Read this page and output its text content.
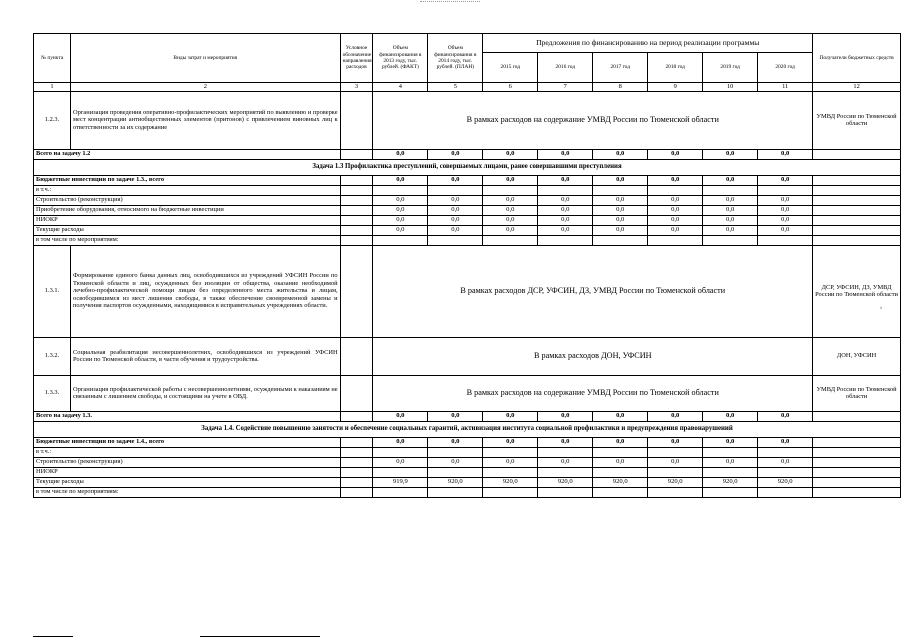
№ пункта	Виды затрат и мероприятия	Условное обозначение направления расходов	Объем финансирования в 2013 году, тыс. рублей. (ФАКТ)	Объем финансирования в 2014 году, тыс. рублей. (ПЛАН)	Предложения по финансированию на период реализации программы						Получатели бюджетных средств
					2015 год	2016 год	2017 год	2018 год	2019 год	2020 год	
1	2	3	4	5	6	7	8	9	10	11	12
1.2.3.	Организация проведения оперативно-профилактических мероприятий по выявлению и проверке мест концентрации антиобщественных элементов (притонов) с привлечением виновных лиц к ответственности за их содержание		В рамках расходов на содержание УМВД России по Тюменской области								УМВД России по Тюменской области
Всего на задачу 1.2			0,0	0,0	0,0	0,0	0,0	0,0	0,0	0,0	
Задача 1.3 Профилактика преступлений, совершаемых лицами, ранее совершавшими преступления											
Бюджетные инвестиции по задаче 1.3., всего			0,0	0,0	0,0	0,0	0,0	0,0	0,0	0,0	
в т.ч.:											
Строительство (реконструкция)			0,0	0,0	0,0	0,0	0,0	0,0	0,0	0,0	
Приобретение оборудования, относимого на бюджетные инвестиции			0,0	0,0	0,0	0,0	0,0	0,0	0,0	0,0	
НИОКР			0,0	0,0	0,0	0,0	0,0	0,0	0,0	0,0	
Текущие расходы			0,0	0,0	0,0	0,0	0,0	0,0	0,0	0,0	
в том числе по мероприятиям:											
1.3.1.	Формирование единого банка данных лиц, освободившихся из учреждений УФСИН России по Тюменской области и лиц, осужденных без изоляции от общества, оказание необходимой лечебно-профилактической помощи лицам без определенного места жительства и лицам, освободившимся из мест лишения свободы, в также обеспечение своевременной замены и получения паспортов осужденными, находящимися в исправительных учреждениях области.		В рамках расходов ДСР, УФСИН, ДЗ, УМВД России по Тюменской области								ДСР, УФСИН, ДЗ, УМВД России по Тюменской области
1.3.2.	Социальная реабилитация несовершеннолетних, освободившихся из учреждений УФСИН России по Тюменской области, в части обучения и трудоустройства.		В рамках расходов ДОН, УФСИН								ДОН, УФСИН
1.3.3.	Организация профилактической работы с несовершеннолетними, осужденными к наказаниям не связанным с лишением свободы, и состоящими на учете в ОВД.		В рамках расходов на содержание УМВД России по Тюменской области								УМВД России по Тюменской области
Всего на задачу 1.3.			0,0	0,0	0,0	0,0	0,0	0,0	0,0	0,0	
Задача 1.4. Содействие повышению занятости и обеспечение социальных гарантий, активизация института социальной профилактики и предупреждения правонарушений											
Бюджетные инвестиции по задаче 1.4., всего			0,0	0,0	0,0	0,0	0,0	0,0	0,0	0,0	
в т.ч.:											
Строительство (реконструкция)			0,0	0,0	0,0	0,0	0,0	0,0	0,0	0,0	
НИОКР											
Текущие расходы			919,9	920,0	920,0	920,0	920,0	920,0	920,0	920,0	
в том числе по мероприятиям:											
›
